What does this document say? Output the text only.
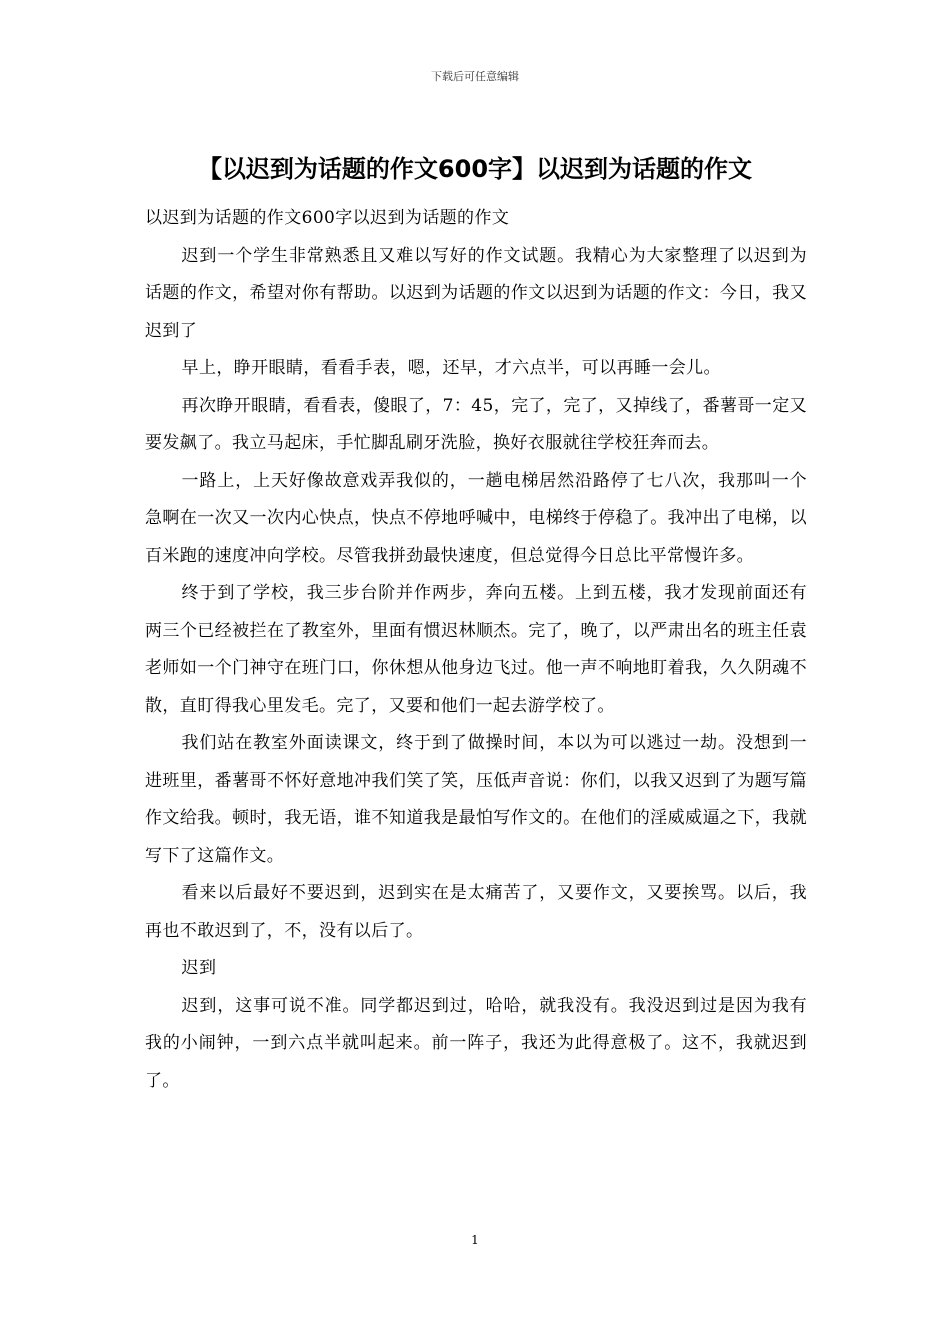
下载后可任意编辑
【以迟到为话题的作文600字】以迟到为话题的作文

以迟到为话题的作文600字以迟到为话题的作文

迟到一个学生非常熟悉且又难以写好的作文试题。我精心为大家整理了以迟到为话题的作文，希望对你有帮助。以迟到为话题的作文以迟到为话题的作文：今日，我又迟到了

早上，睁开眼睛，看看手表，嗯，还早，才六点半，可以再睡一会儿。

再次睁开眼睛，看看表，傻眼了，7：45，完了，完了，又掉线了，番薯哥一定又要发飙了。我立马起床，手忙脚乱刷牙洗脸，换好衣服就往学校狂奔而去。

一路上，上天好像故意戏弄我似的，一趟电梯居然沿路停了七八次，我那叫一个急啊在一次又一次内心快点，快点不停地呼喊中，电梯终于停稳了。我冲出了电梯，以百米跑的速度冲向学校。尽管我拼劲最快速度，但总觉得今日总比平常慢许多。

终于到了学校，我三步台阶并作两步，奔向五楼。上到五楼，我才发现前面还有两三个已经被拦在了教室外，里面有惯迟林顺杰。完了，晚了，以严肃出名的班主任袁老师如一个门神守在班门口，你休想从他身边飞过。他一声不响地盯着我，久久阴魂不散，直盯得我心里发毛。完了，又要和他们一起去游学校了。

我们站在教室外面读课文，终于到了做操时间，本以为可以逃过一劫。没想到一进班里，番薯哥不怀好意地冲我们笑了笑，压低声音说：你们，以我又迟到了为题写篇作文给我。顿时，我无语，谁不知道我是最怕写作文的。在他们的淫威威逼之下，我就写下了这篇作文。

看来以后最好不要迟到，迟到实在是太痛苦了，又要作文，又要挨骂。以后，我再也不敢迟到了，不，没有以后了。

迟到

迟到，这事可说不准。同学都迟到过，哈哈，就我没有。我没迟到过是因为我有我的小闹钟，一到六点半就叫起来。前一阵子，我还为此得意极了。这不，我就迟到了。

1
